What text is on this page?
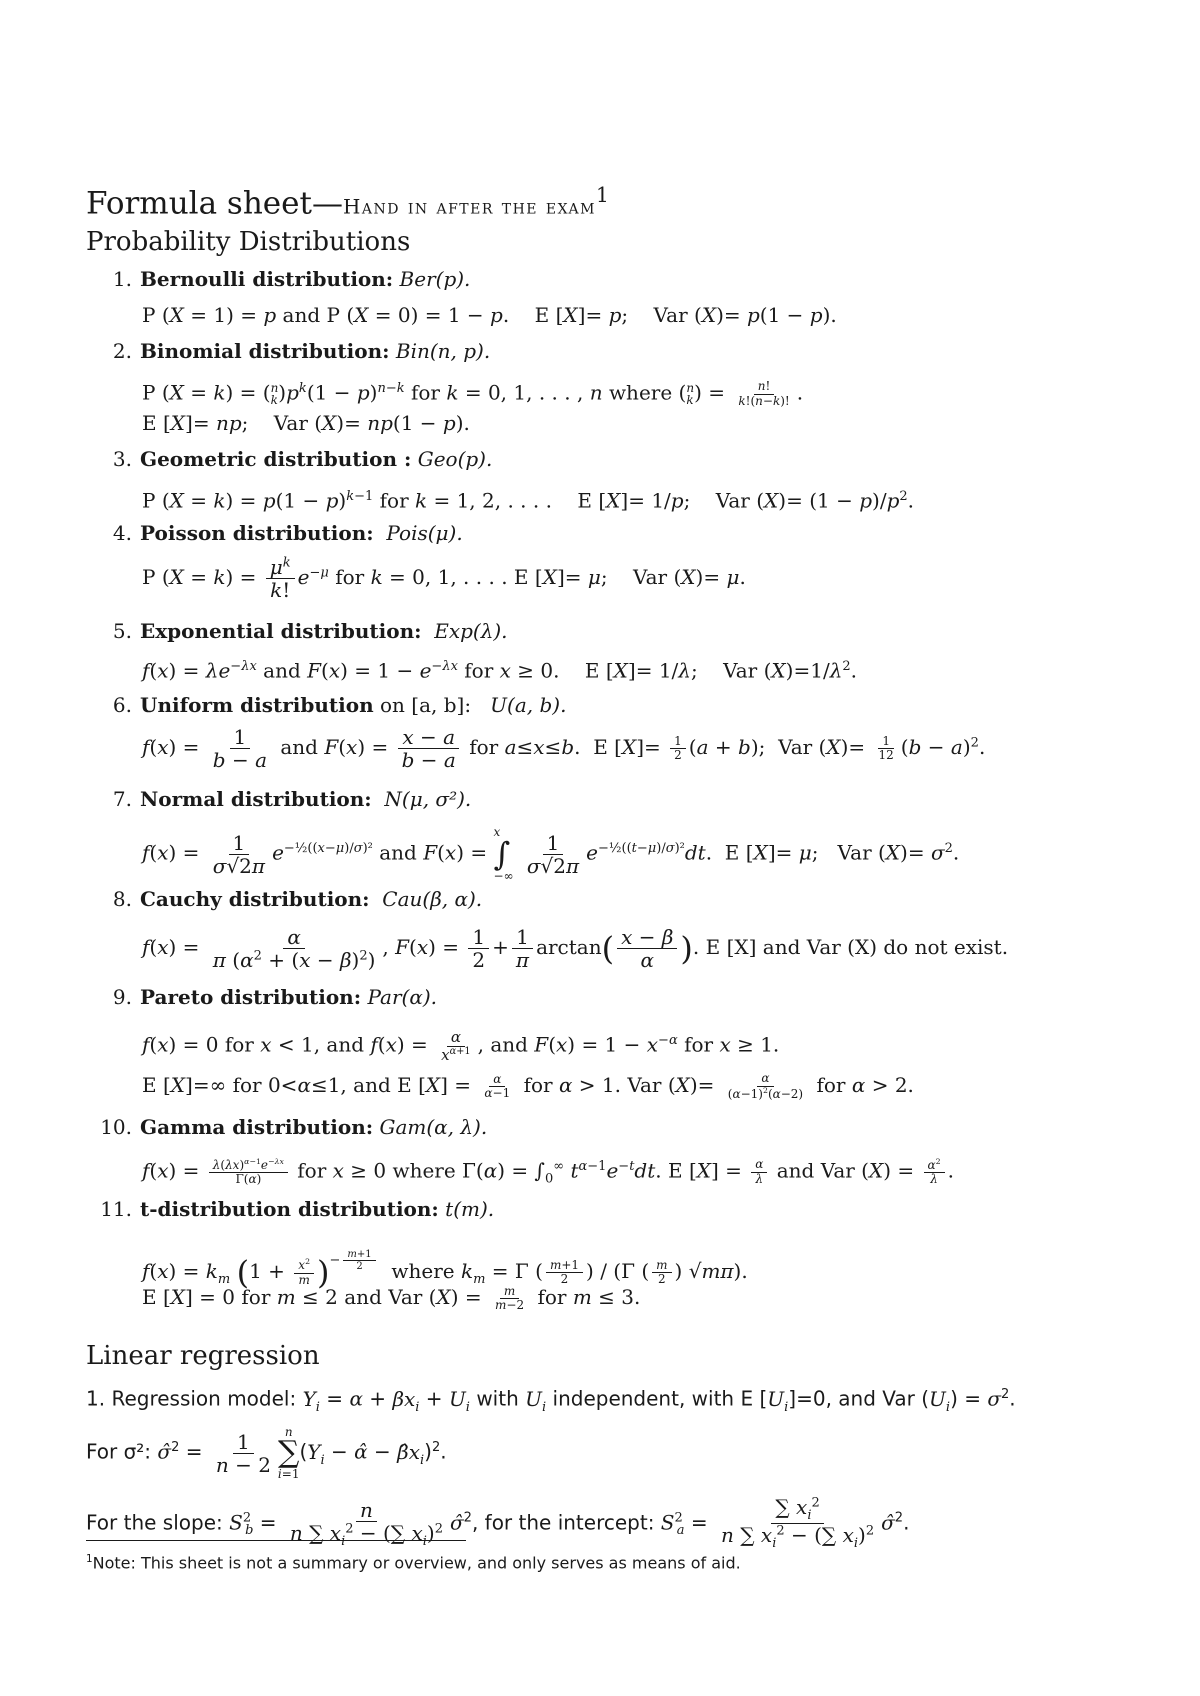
Formula sheet—Hand in after the exam$^1$
Probability Distributions
1. Bernoulli distribution: Ber(p).
P (X = 1) = p and P (X = 0) = 1 − p.    E [X]= p;    Var (X)= p(1 − p).
2. Binomial distribution: Bin(n, p).
P (X = k) = ( n
k )$p^k(1 - p)^{n-k}$ for k = 0, 1, . . . , n where ( n
k ) = $\frac{n!}{k!(n-k)!}$ .
E [X]= np;    Var (X)= np(1 − p).
3. Geometric distribution : Geo(p).
P $(X = k) = p(1 - p)^{k-1}$ for k = 1, 2, . . . .    E [X]= 1/p;    Var $(X)= (1 - p)/p^2$.
4. Poisson distribution: Pois(μ).
P $(X = k) = \frac{\mu^k}{k!} e^{-\mu}$ for k = 0, 1, . . . . E [X]= μ;    Var (X)= μ.
5. Exponential distribution: Exp(λ).
$f(x) = \lambda e^{-\lambda x}$ and $F(x) = 1 - e^{-\lambda x}$ for x ≥ 0.    E [X]= 1/λ;    Var $(X)=1/\lambda^2$.
6. Uniform distribution on [a, b]: U(a, b).
$f(x) = \frac{1}{b - a}$ and $F(x) = \frac{x - a}{b - a}$ for a≤x≤b.  E $[X]= \frac{1}{2} (a + b)$;  Var $(X)= \frac{1}{12} (b - a)^2$.
7. Normal distribution: N(μ, σ²).
$f(x) = \frac{1}{\sigma√2\pi} e^{-\frac{1}{2}((x-\mu)/\sigma)^2}$ and F(x) =
x
∫
−∞
$\frac{1}{\sigma√2\pi} e^{-\frac{1}{2}((t-\mu)/\sigma)^2}dt$.  E [X]= μ;   Var $(X)= \sigma^2$.
8. Cauchy distribution: Cau(β, α).
$f(x) = \frac{\alpha}{\pi (\alpha^2 + (x - \beta)^2)}$ , $F(x) = \frac{1}{2} + \frac{1}{\pi} \arctan( \frac{x - \beta}{\alpha}$ ). E [X] and Var (X) do not exist.
9. Pareto distribution: Par(α).
f(x) = 0 for x < 1, and $f(x) = \frac{\alpha}{x^{\alpha+1}}$ , and $F(x) = 1 - x^{-\alpha}$ for x ≥ 1.
E [X]=∞ for 0<α≤1, and E $[X] = \frac{\alpha}{\alpha-1}$ for α > 1. Var $(X)= \frac{\alpha}{(\alpha-1)^2(\alpha-2)}$ for α > 2.
10. Gamma distribution: Gam(α, λ).
$f(x) = \frac{\lambda(\lambda x)^{\alpha-1}e^{-\lambda x}}{\Gamma(\alpha)}$ for x ≥ 0 where $\Gamma(\alpha) = \int_0^\infty$ $t^{\alpha-1}e^{-t}dt$. E $[X] = \frac{\alpha}{\lambda}$ and Var $(X) = \frac{\alpha^2}{\lambda}$ .
11. t-distribution distribution: t(m).
$f(x) = k_m$ $(1 + \frac{x^2}{m} )^{- \frac{m+1}{2}}$ where $k_m = \Gamma$ ( $\frac{m+1}{2}$ ) / (Γ ( $\frac{m}{2}$ ) √mπ).
E [X] = 0 for m ≤ 2 and Var $(X) = \frac{m}{m-2}$ for m ≤ 3.
Linear regression
1. Regression model: $Y_i = \alpha + \beta x_i + U_i$ with $U_i$ independent, with E $[U_i]=0$, and Var $(U_i) = \sigma^2$.
For σ²: σ̂$^2$ = $\frac{1}{n - 2}$ n
∑
i=1
($Y_i$ − α̂ − $\betâx_i)^2$.
For the slope: $S^2_b = \frac{n}{n \sum x_i^2 - (\sum x_i)^2}$ σ̂$^2$, for the intercept: $S^2_a = \frac{\sum x_i^2}{n \sum x_i^2 - (\sum x_i)^2}$ σ̂$^2$.
$^1$Note: This sheet is not a summary or overview, and only serves as means of aid.
